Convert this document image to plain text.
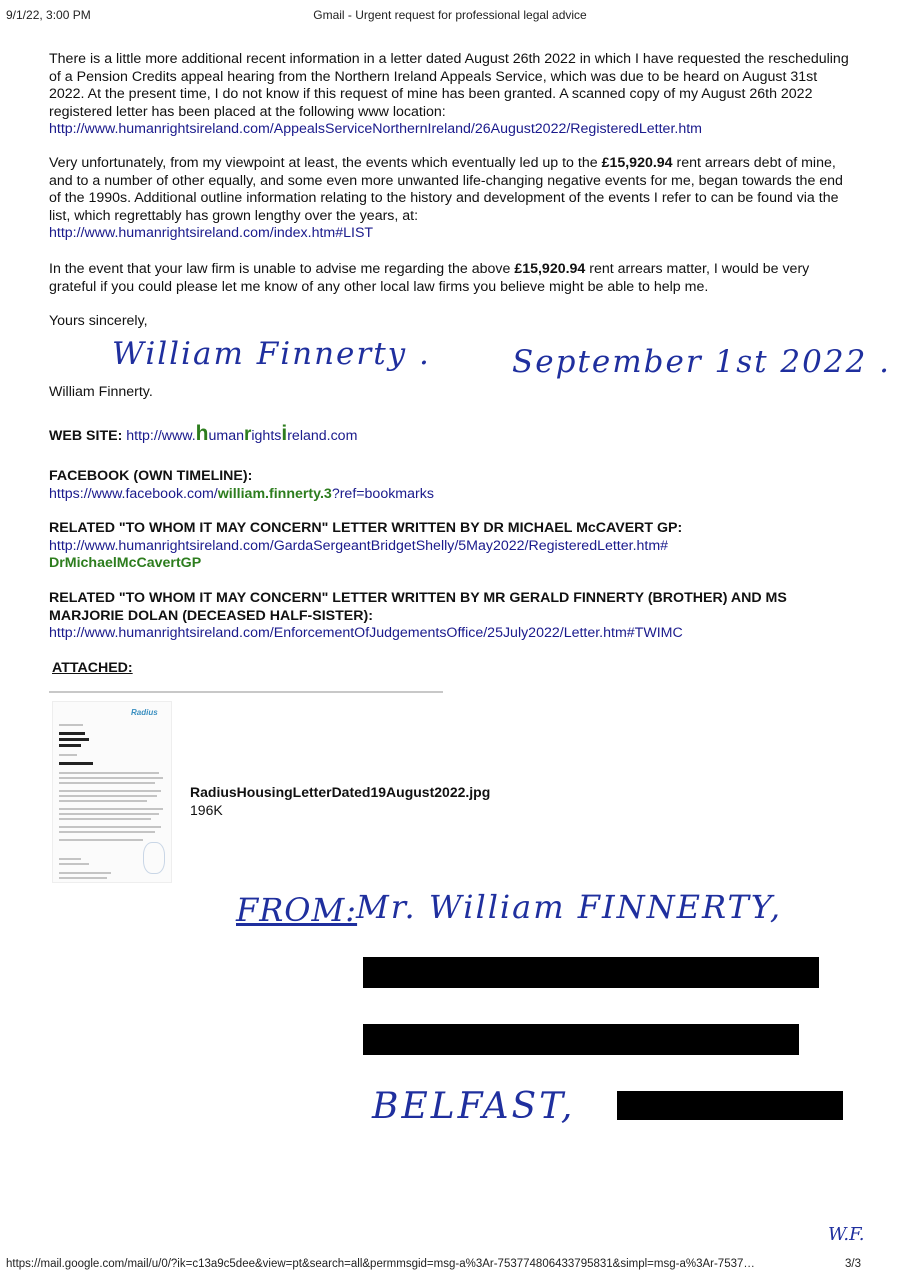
9/1/22, 3:00 PM	Gmail - Urgent request for professional legal advice
There is a little more additional recent information in a letter dated August 26th 2022 in which I have requested the rescheduling of a Pension Credits appeal hearing from the Northern Ireland Appeals Service, which was due to be heard on August 31st 2022. At the present time, I do not know if this request of mine has been granted. A scanned copy of my August 26th 2022 registered letter has been placed at the following www location:
http://www.humanrightsireland.com/AppealsServiceNorthernIreland/26August2022/RegisteredLetter.htm
Very unfortunately, from my viewpoint at least, the events which eventually led up to the £15,920.94 rent arrears debt of mine, and to a number of other equally, and some even more unwanted life-changing negative events for me, began towards the end of the 1990s. Additional outline information relating to the history and development of the events I refer to can be found via the list, which regrettably has grown lengthy over the years, at:
http://www.humanrightsireland.com/index.htm#LIST
In the event that your law firm is unable to advise me regarding the above £15,920.94 rent arrears matter, I would be very grateful if you could please let me know of any other local law firms you believe might be able to help me.
Yours sincerely,
William Finnerty .	September 1st 2022 .
William Finnerty.
WEB SITE: http://www.humanrightsireland.com
FACEBOOK (OWN TIMELINE):
https://www.facebook.com/william.finnerty.3?ref=bookmarks
RELATED "TO WHOM IT MAY CONCERN" LETTER WRITTEN BY DR MICHAEL McCAVERT GP:
http://www.humanrightsireland.com/GardaSergeantBridgetShelly/5May2022/RegisteredLetter.htm#
DrMichaelMcCavertGP
RELATED "TO WHOM IT MAY CONCERN" LETTER WRITTEN BY MR GERALD FINNERTY (BROTHER) AND MS MARJORIE DOLAN (DECEASED HALF-SISTER):
http://www.humanrightsireland.com/EnforcementOfJudgementsOffice/25July2022/Letter.htm#TWIMC
ATTACHED:
Radius
RadiusHousingLetterDated19August2022.jpg
196K
FROM:
Mr. William FINNERTY,
BELFAST,
W.F.
https://mail.google.com/mail/u/0/?ik=c13a9c5dee&view=pt&search=all&permmsgid=msg-a%3Ar-753774806433795831&simpl=msg-a%3Ar-7537…	3/3
